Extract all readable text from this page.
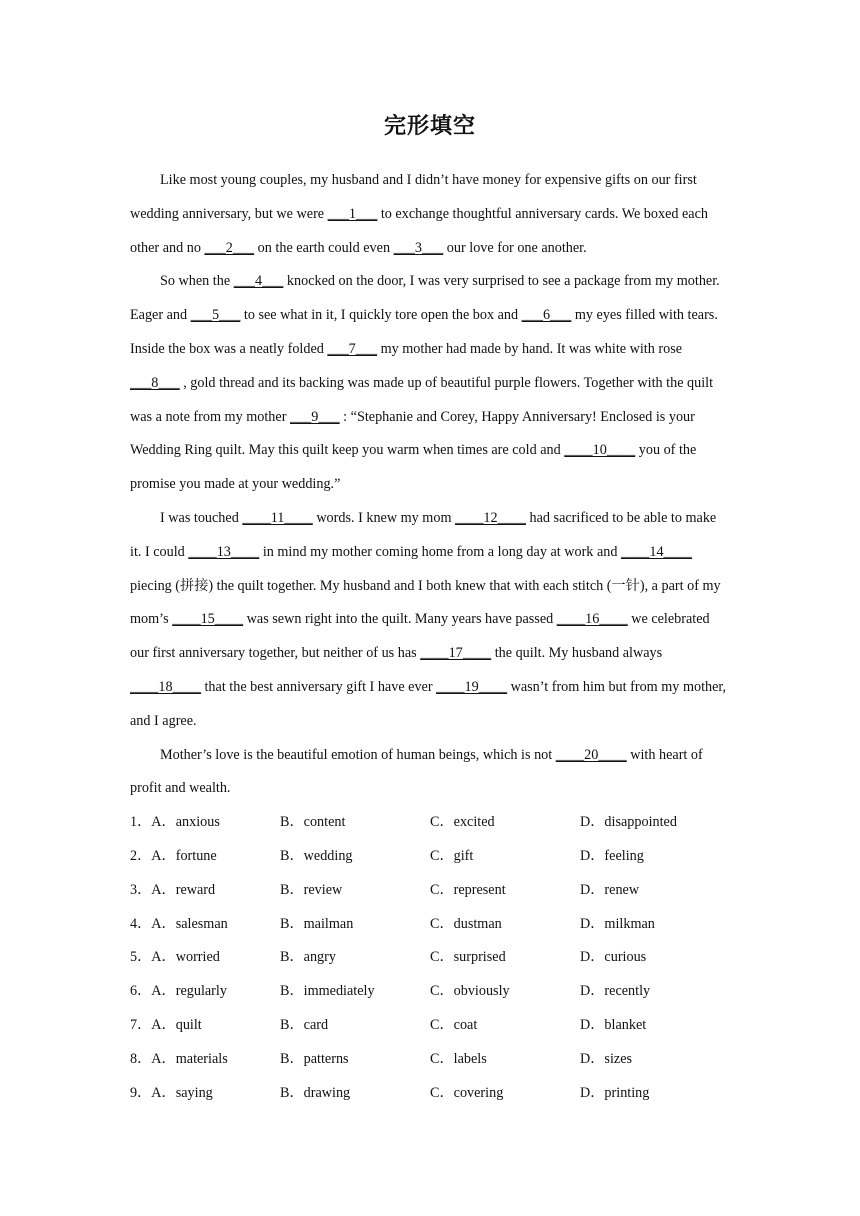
完形填空

Like most young couples, my husband and I didn’t have money for expensive gifts on our first wedding anniversary, but we were ___1___ to exchange thoughtful anniversary cards. We boxed each other and no ___2___ on the earth could even ___3___ our love for one another.

So when the ___4___ knocked on the door, I was very surprised to see a package from my mother. Eager and ___5___ to see what in it, I quickly tore open the box and ___6___ my eyes filled with tears. Inside the box was a neatly folded ___7___ my mother had made by hand. It was white with rose ___8___ , gold thread and its backing was made up of beautiful purple flowers. Together with the quilt was a note from my mother ___9___ : “Stephanie and Corey, Happy Anniversary! Enclosed is your Wedding Ring quilt. May this quilt keep you warm when times are cold and ____10____ you of the promise you made at your wedding.”

I was touched ____11____ words. I knew my mom ____12____ had sacrificed to be able to make it. I could ____13____ in mind my mother coming home from a long day at work and ____14____ piecing (拼接) the quilt together. My husband and I both knew that with each stitch (一针), a part of my mom’s ____15____ was sewn right into the quilt. Many years have passed ____16____ we celebrated our first anniversary together, but neither of us has ____17____ the quilt. My husband always ____18____ that the best anniversary gift I have ever ____19____ wasn’t from him but from my mother, and I agree.

Mother’s love is the beautiful emotion of human beings, which is not ____20____ with heart of profit and wealth.

1．A．anxious	B．content	C．excited	D．disappointed
2．A．fortune	B．wedding	C．gift	D．feeling
3．A．reward	B．review	C．represent	D．renew
4．A．salesman	B．mailman	C．dustman	D．milkman
5．A．worried	B．angry	C．surprised	D．curious
6．A．regularly	B．immediately	C．obviously	D．recently
7．A．quilt	B．card	C．coat	D．blanket
8．A．materials	B．patterns	C．labels	D．sizes
9．A．saying	B．drawing	C．covering	D．printing
